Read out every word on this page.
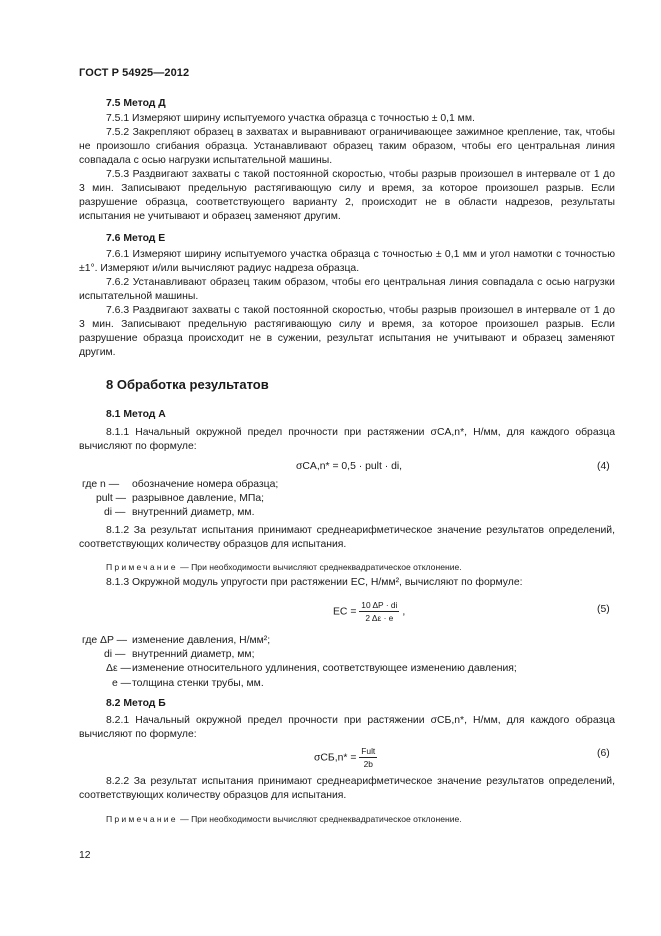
ГОСТ Р 54925—2012
7.5 Метод Д

7.5.1 Измеряют ширину испытуемого участка образца с точностью ± 0,1 мм.

7.5.2 Закрепляют образец в захватах и выравнивают ограничивающее зажимное крепление, так, чтобы не произошло сгибания образца. Устанавливают образец таким образом, чтобы его центральная линия совпадала с осью нагрузки испытательной машины.

7.5.3 Раздвигают захваты с такой постоянной скоростью, чтобы разрыв произошел в интервале от 1 до 3 мин. Записывают предельную растягивающую силу и время, за которое произошел разрыв. Если разрушение образца, соответствующего варианту 2, происходит не в области надрезов, результаты испытания не учитывают и образец заменяют другим.

7.6 Метод Е

7.6.1 Измеряют ширину испытуемого участка образца с точностью ± 0,1 мм и угол намотки с точностью ±1°. Измеряют и/или вычисляют радиус надреза образца.

7.6.2 Устанавливают образец таким образом, чтобы его центральная линия совпадала с осью нагрузки испытательной машины.

7.6.3 Раздвигают захваты с такой постоянной скоростью, чтобы разрыв произошел в интервале от 1 до 3 мин. Записывают предельную растягивающую силу и время, за которое произошел разрыв. Если разрушение образца происходит не в сужении, результат испытания не учитывают и образец заменяют другим.

8 Обработка результатов
8.1 Метод А

8.1.1 Начальный окружной предел прочности при растяжении σCA,n*, Н/мм, для каждого образца вычисляют по формуле:

σCA,n* = 0,5 · pult · di,	(4)
где n — обозначение номера образца;
pult — разрывное давление, МПа;
di — внутренний диаметр, мм.

8.1.2 За результат испытания принимают среднеарифметическое значение результатов определений, соответствующих количеству образцов для испытания.

Примечание — При необходимости вычисляют среднеквадратическое отклонение.

8.1.3 Окружной модуль упругости при растяжении EC, Н/мм², вычисляют по формуле:

EC = $\frac{10 \Delta P \cdot di}{2 \Delta\varepsilon \cdot e}$ ,	(5)
где ΔP — изменение давления, Н/мм²;
di — внутренний диаметр, мм;
Δε — изменение относительного удлинения, соответствующее изменению давления;
e — толщина стенки трубы, мм.
8.2 Метод Б

8.2.1 Начальный окружной предел прочности при растяжении σCБ,n*, Н/мм, для каждого образца вычисляют по формуле:

$\sigma CБ,n* = \frac{\text{Fult}}{2b}$	(6)

8.2.2 За результат испытания принимают среднеарифметическое значение результатов определений, соответствующих количеству образцов для испытания.

Примечание — При необходимости вычисляют среднеквадратическое отклонение.
12
